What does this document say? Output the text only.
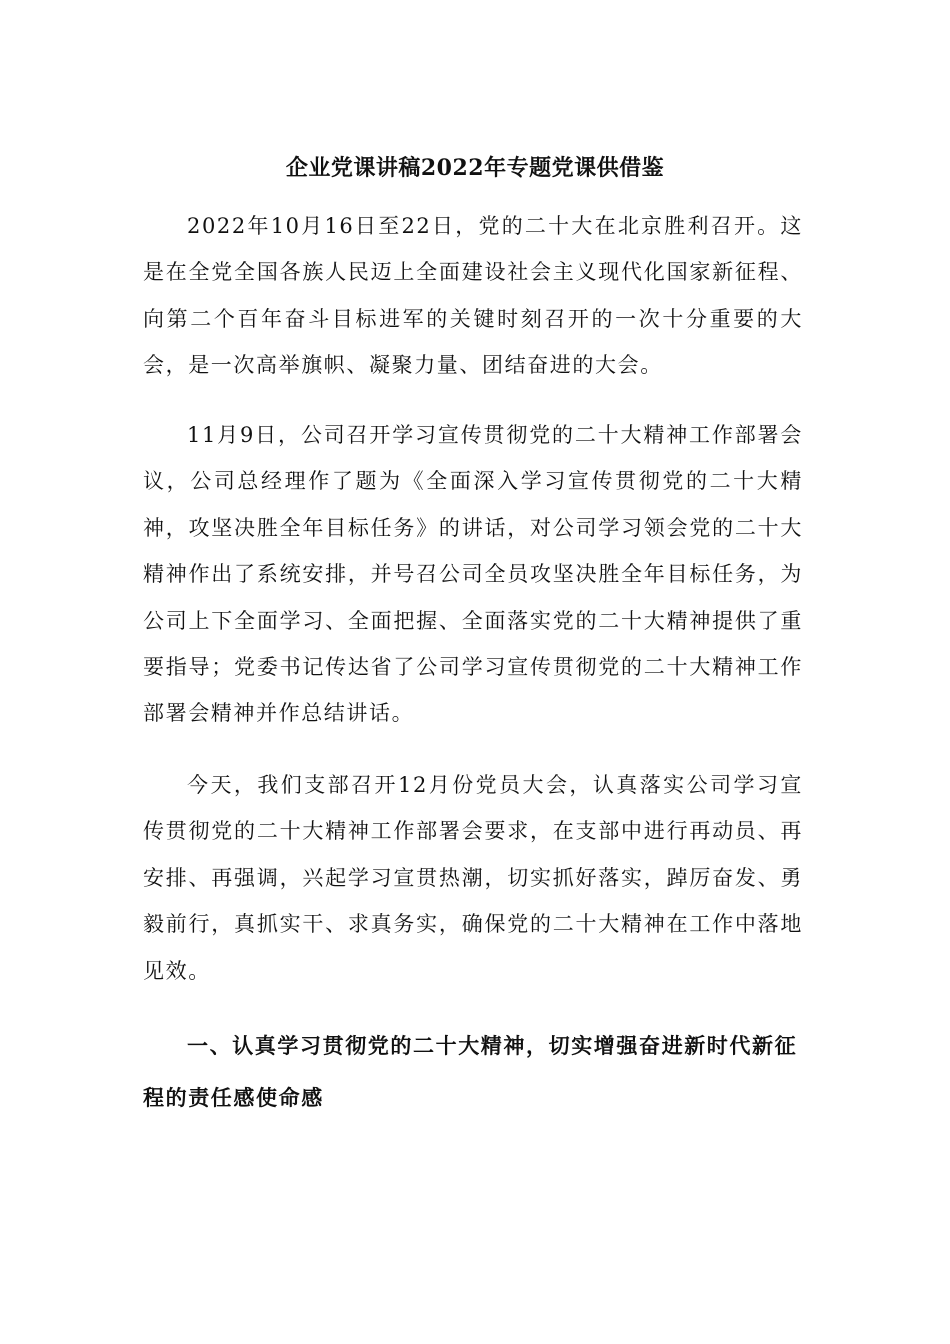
企业党课讲稿2022年专题党课供借鉴

2022年10月16日至22日，党的二十大在北京胜利召开。这是在全党全国各族人民迈上全面建设社会主义现代化国家新征程、向第二个百年奋斗目标进军的关键时刻召开的一次十分重要的大会，是一次高举旗帜、凝聚力量、团结奋进的大会。

11月9日，公司召开学习宣传贯彻党的二十大精神工作部署会议，公司总经理作了题为《全面深入学习宣传贯彻党的二十大精神，攻坚决胜全年目标任务》的讲话，对公司学习领会党的二十大精神作出了系统安排，并号召公司全员攻坚决胜全年目标任务，为公司上下全面学习、全面把握、全面落实党的二十大精神提供了重要指导；党委书记传达省了公司学习宣传贯彻党的二十大精神工作部署会精神并作总结讲话。

今天，我们支部召开12月份党员大会，认真落实公司学习宣传贯彻党的二十大精神工作部署会要求，在支部中进行再动员、再安排、再强调，兴起学习宣贯热潮，切实抓好落实，踔厉奋发、勇毅前行，真抓实干、求真务实，确保党的二十大精神在工作中落地见效。

一、认真学习贯彻党的二十大精神，切实增强奋进新时代新征程的责任感使命感
